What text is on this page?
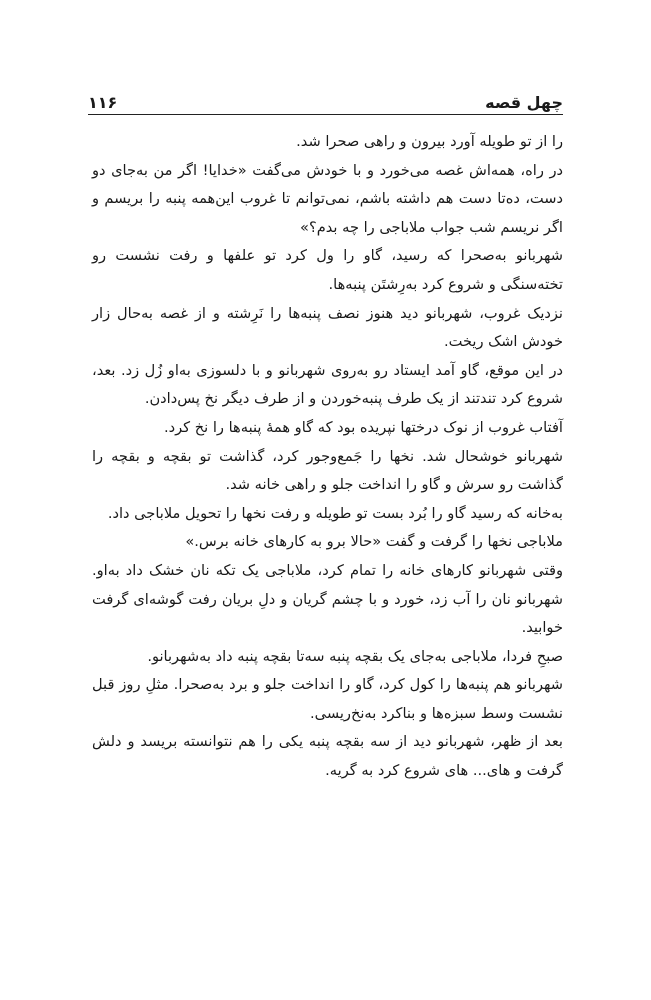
چهل قصه
۱۱۶

را از تو طویله آورد بیرون و راهی صحرا شد.

در راه، همه‌اش غصه می‌خورد و با خودش می‌گفت «خدایا! اگر من به‌جای دو دست، ده‌تا دست هم داشته باشم، نمی‌توانم تا غروب این‌همه پنبه را بریسم و اگر نریسم شب جواب ملاباجی را چه بدم؟»

شهربانو به‌صحرا که رسید، گاو را ول کرد تو علفها و رفت نشست رو تخته‌سنگی و شروع کرد به‌رِشتَن پنبه‌ها.

نزدیک غروب، شهربانو دید هنوز نصف پنبه‌ها را نَرِشته و از غصه به‌حال زار خودش اشک ریخت.

در این موقع، گاو آمد ایستاد رو به‌روی شهربانو و با دلسوزی به‌او زُل زد. بعد، شروع کرد تندتند از یک طرف پنبه‌خوردن و از طرف دیگر نخ پس‌دادن.

آفتاب غروب از نوک درختها نپریده بود که گاو همهٔ پنبه‌ها را نخ کرد.

شهربانو خوشحال شد. نخها را جَمع‌وجور کرد، گذاشت تو بقچه و بقچه را گذاشت رو سرش و گاو را انداخت جلو و راهی خانه شد.

به‌خانه که رسید گاو را بُرد بست تو طویله و رفت نخها را تحویل ملاباجی داد.

ملاباجی نخها را گرفت و گفت «حالا برو به کارهای خانه برس.»

وقتی شهربانو کارهای خانه را تمام کرد، ملاباجی یک تکه نان خشک داد به‌او. شهربانو نان را آب زد، خورد و با چشم گریان و دلِ بریان رفت گوشه‌ای گرفت خوابید.

صبحِ فردا، ملاباجی به‌جای یک بقچه پنبه سه‌تا بقچه پنبه داد به‌شهربانو.

شهربانو هم پنبه‌ها را کول کرد، گاو را انداخت جلو و برد به‌صحرا. مثلِ روز قبل نشست وسط سبزه‌ها و بناکرد به‌نخ‌ریسی.

بعد از ظهر، شهربانو دید از سه بقچه پنبه یکی را هم نتوانسته بریسد و دلش گرفت و های... های شروع کرد به گریه.
